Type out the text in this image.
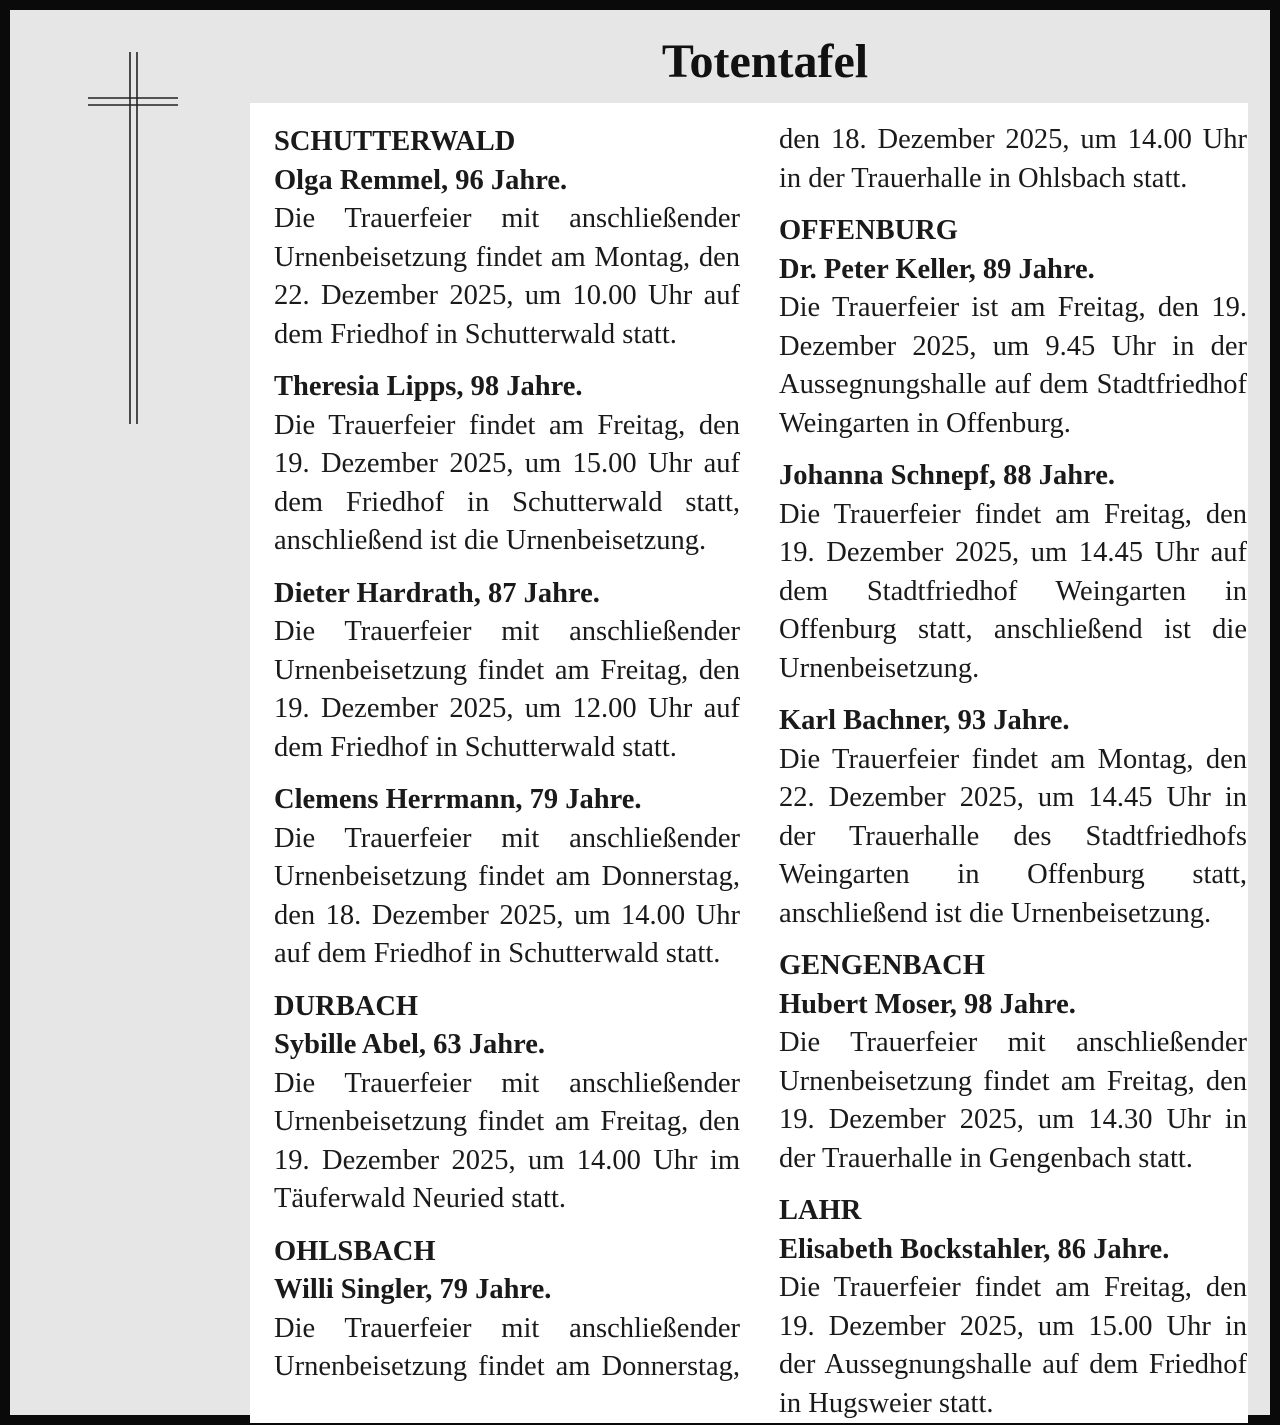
Totentafel

SCHUTTERWALD

Olga Remmel, 96 Jahre.

Die Trauerfeier mit anschließender Urnenbeisetzung findet am Montag, den 22. Dezember 2025, um 10.00 Uhr auf dem Friedhof in Schutterwald statt.

Theresia Lipps, 98 Jahre.

Die Trauerfeier findet am Freitag, den 19. Dezember 2025, um 15.00 Uhr auf dem Friedhof in Schutterwald statt, anschließend ist die Urnenbeisetzung.

Dieter Hardrath, 87 Jahre.

Die Trauerfeier mit anschließender Urnenbeisetzung findet am Freitag, den 19. Dezember 2025, um 12.00 Uhr auf dem Friedhof in Schutterwald statt.

Clemens Herrmann, 79 Jahre.

Die Trauerfeier mit anschließender Urnenbeisetzung findet am Donnerstag, den 18. Dezember 2025, um 14.00 Uhr auf dem Friedhof in Schutterwald statt.

DURBACH

Sybille Abel, 63 Jahre.

Die Trauerfeier mit anschließender Urnenbeisetzung findet am Freitag, den 19. Dezember 2025, um 14.00 Uhr im Täuferwald Neuried statt.

OHLSBACH

Willi Singler, 79 Jahre.

Die Trauerfeier mit anschließender Urnenbeisetzung findet am Donnerstag,

den 18. Dezember 2025, um 14.00 Uhr in der Trauerhalle in Ohlsbach statt.

OFFENBURG

Dr. Peter Keller, 89 Jahre.

Die Trauerfeier ist am Freitag, den 19. Dezember 2025, um 9.45 Uhr in der Aussegnungshalle auf dem Stadtfriedhof Weingarten in Offenburg.

Johanna Schnepf, 88 Jahre.

Die Trauerfeier findet am Freitag, den 19. Dezember 2025, um 14.45 Uhr auf dem Stadtfriedhof Weingarten in Offenburg statt, anschließend ist die Urnenbeisetzung.

Karl Bachner, 93 Jahre.

Die Trauerfeier findet am Montag, den 22. Dezember 2025, um 14.45 Uhr in der Trauerhalle des Stadtfriedhofs Weingarten in Offenburg statt, anschließend ist die Urnenbeisetzung.

GENGENBACH

Hubert Moser, 98 Jahre.

Die Trauerfeier mit anschließender Urnenbeisetzung findet am Freitag, den 19. Dezember 2025, um 14.30 Uhr in der Trauerhalle in Gengenbach statt.

LAHR

Elisabeth Bockstahler, 86 Jahre.

Die Trauerfeier findet am Freitag, den 19. Dezember 2025, um 15.00 Uhr in der Aussegnungshalle auf dem Friedhof in Hugsweier statt.
